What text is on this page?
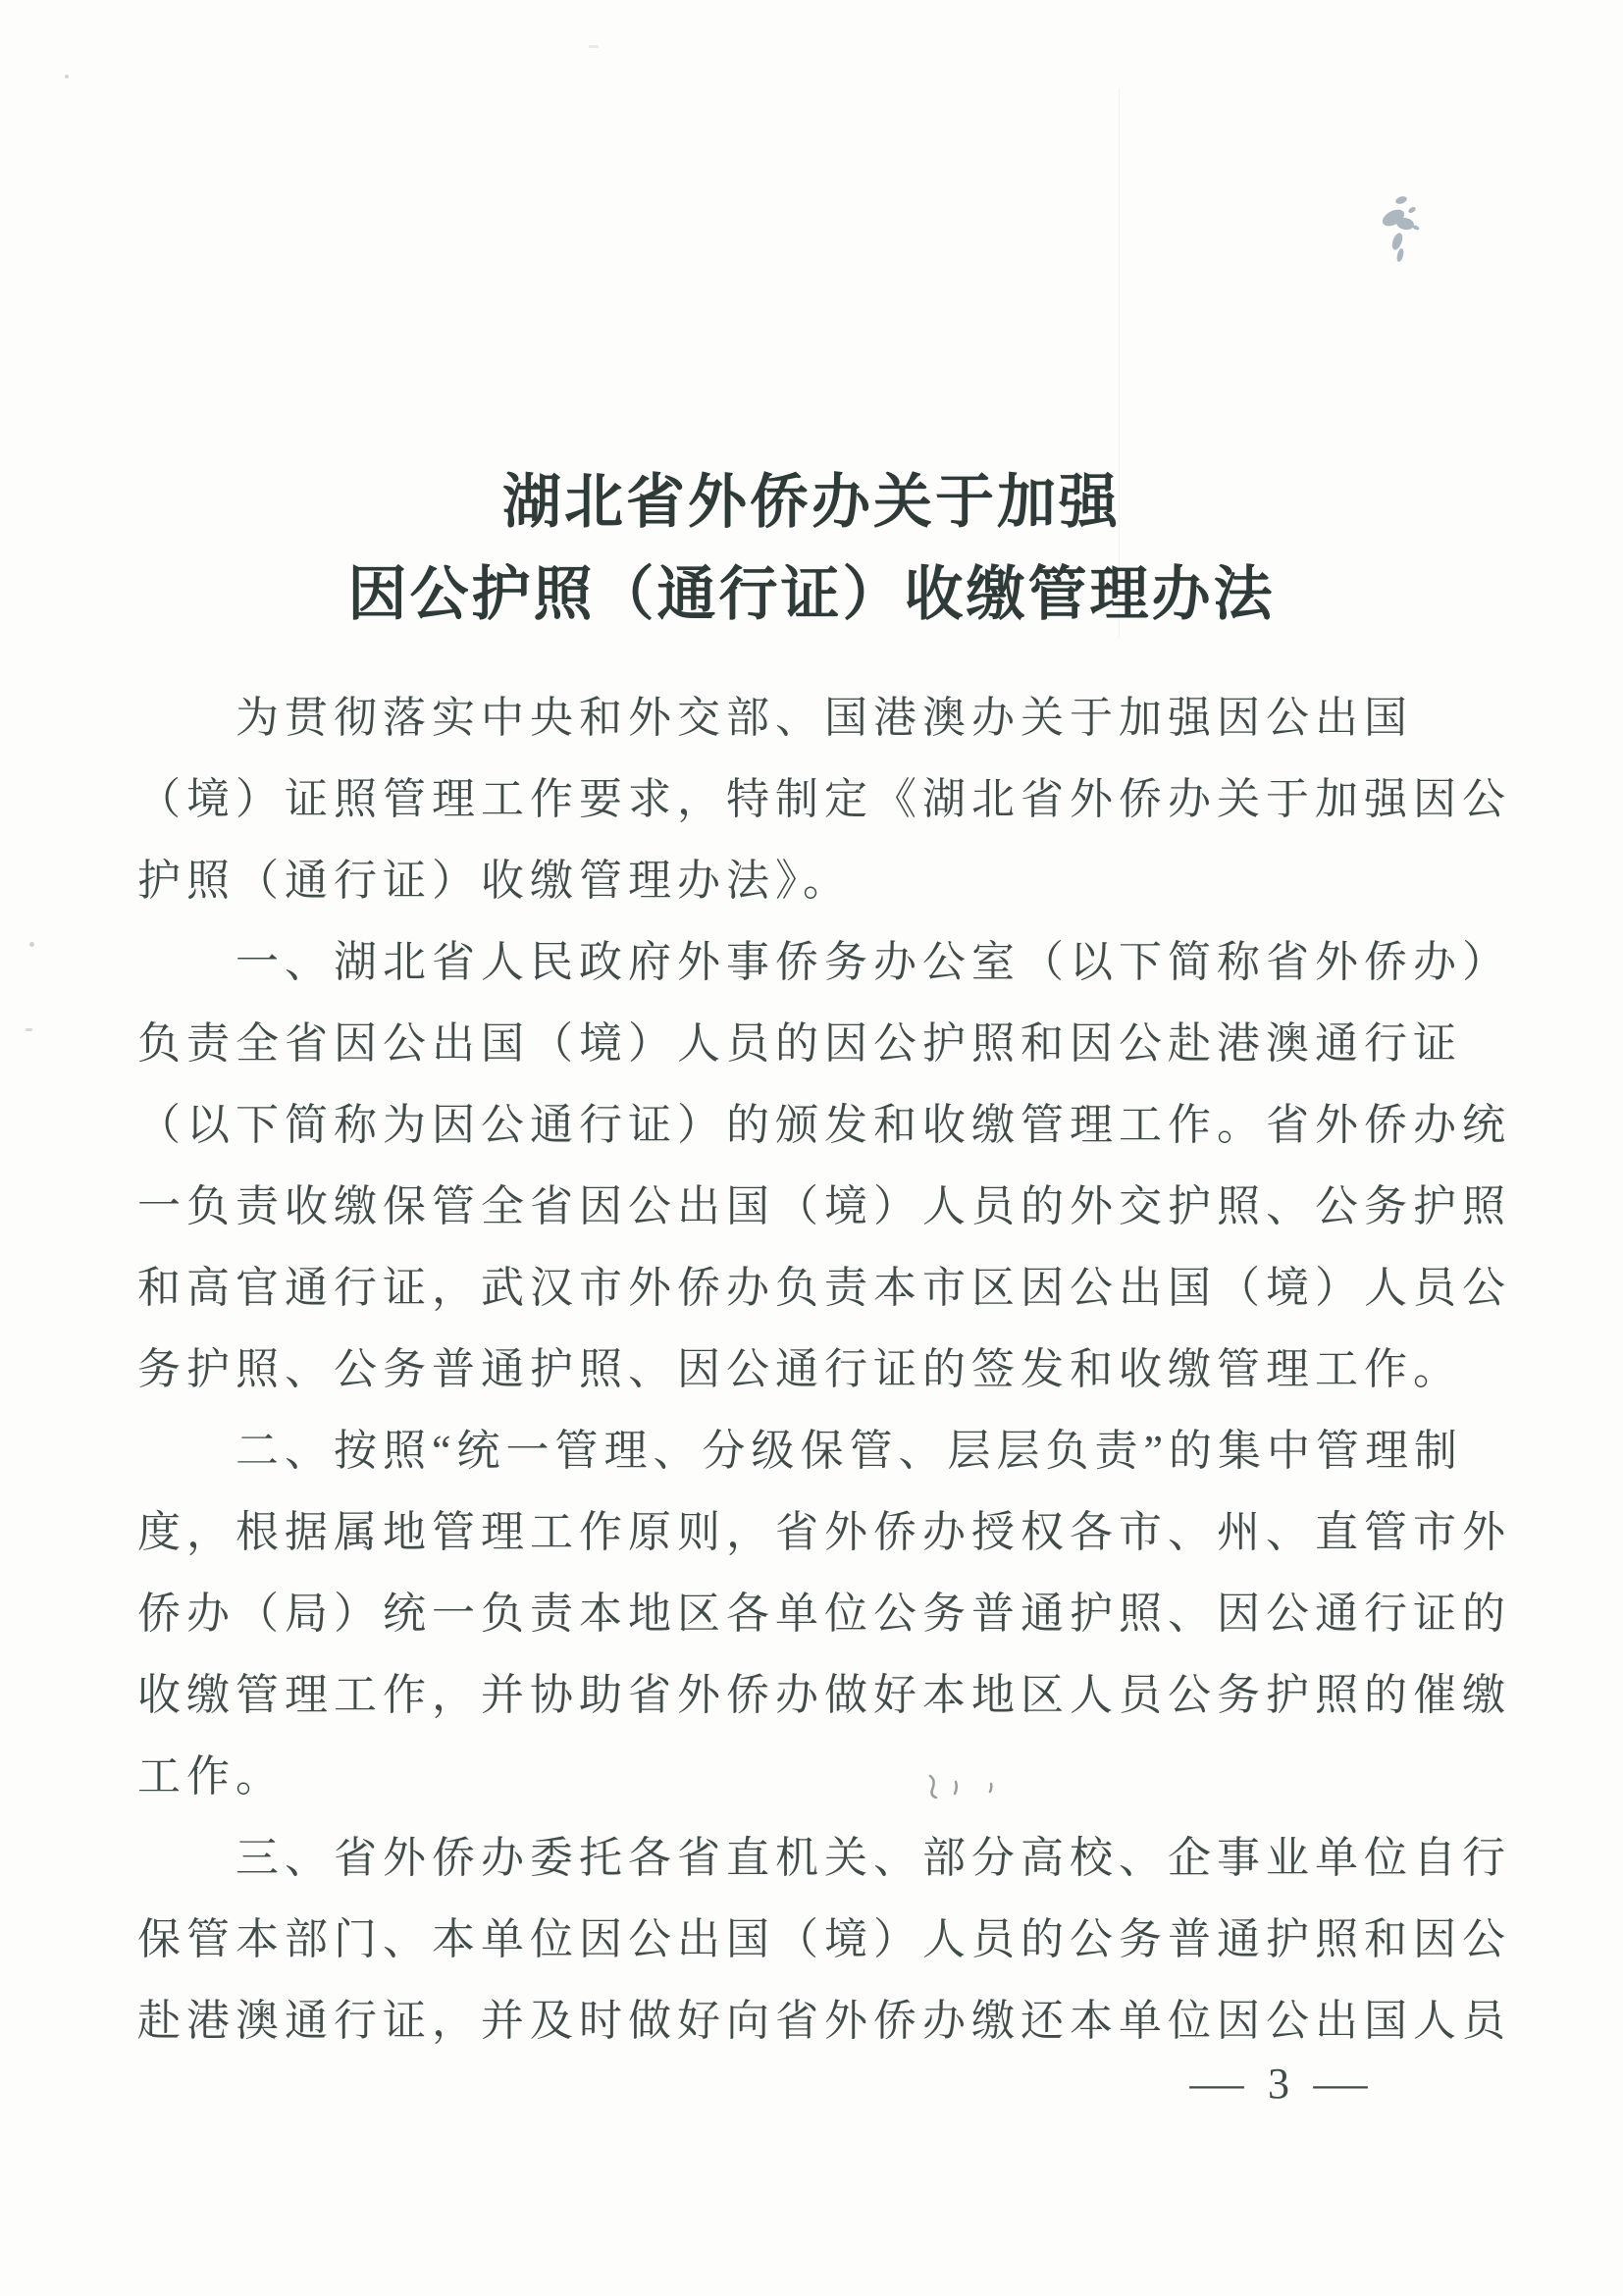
湖北省外侨办关于加强
因公护照（通行证）收缴管理办法

为贯彻落实中央和外交部、国港澳办关于加强因公出国

（境）证照管理工作要求，特制定《湖北省外侨办关于加强因公

护照（通行证）收缴管理办法》。

一、湖北省人民政府外事侨务办公室（以下简称省外侨办）

负责全省因公出国（境）人员的因公护照和因公赴港澳通行证

（以下简称为因公通行证）的颁发和收缴管理工作。省外侨办统

一负责收缴保管全省因公出国（境）人员的外交护照、公务护照

和高官通行证，武汉市外侨办负责本市区因公出国（境）人员公

务护照、公务普通护照、因公通行证的签发和收缴管理工作。

二、按照“统一管理、分级保管、层层负责”的集中管理制

度，根据属地管理工作原则，省外侨办授权各市、州、直管市外

侨办（局）统一负责本地区各单位公务普通护照、因公通行证的

收缴管理工作，并协助省外侨办做好本地区人员公务护照的催缴

工作。

三、省外侨办委托各省直机关、部分高校、企事业单位自行

保管本部门、本单位因公出国（境）人员的公务普通护照和因公

赴港澳通行证，并及时做好向省外侨办缴还本单位因公出国人员

— 3 —
